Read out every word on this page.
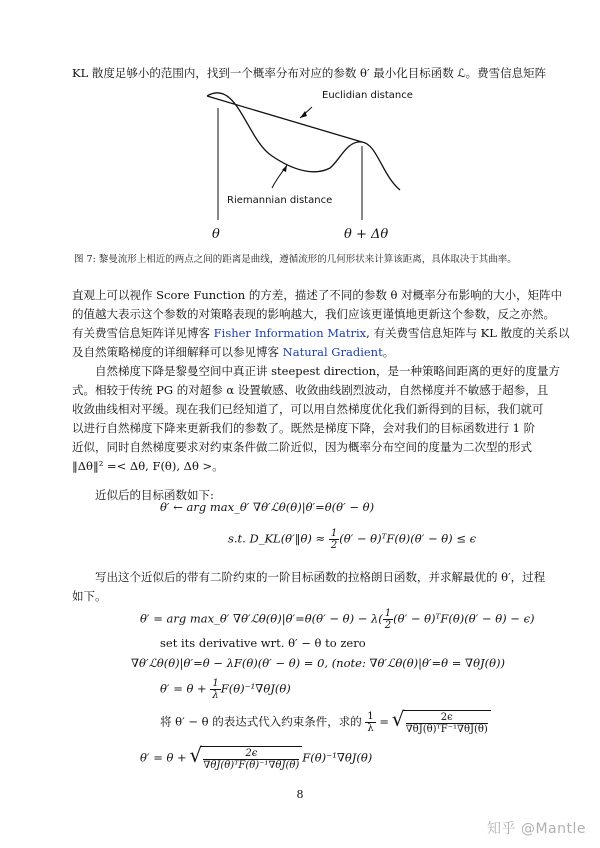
KL 散度足够小的范围内，找到一个概率分布对应的参数 θ′ 最小化目标函数 ℒ。费雪信息矩阵
Euclidian distance
Riemannian distance
θ	θ + Δθ
图 7: 黎曼流形上相近的两点之间的距离是曲线，遵循流形的几何形状来计算该距离，具体取决于其曲率。
直观上可以视作 Score Function 的方差，描述了不同的参数 θ 对概率分布影响的大小，矩阵中
的值越大表示这个参数的对策略表现的影响越大，我们应该更谨慎地更新这个参数，反之亦然。
有关费雪信息矩阵详见博客 Fisher Information Matrix, 有关费雪信息矩阵与 KL 散度的关系以
及自然策略梯度的详细解释可以参见博客 Natural Gradient。
自然梯度下降是黎曼空间中真正讲 steepest direction，是一种策略间距离的更好的度量方
式。相较于传统 PG 的对超参 α 设置敏感、收敛曲线剧烈波动，自然梯度并不敏感于超参，且
收敛曲线相对平缓。现在我们已经知道了，可以用自然梯度优化我们新得到的目标，我们就可
以进行自然梯度下降来更新我们的参数了。既然是梯度下降，会对我们的目标函数进行 1 阶
近似，同时自然梯度要求对约束条件做二阶近似，因为概率分布空间的度量为二次型的形式
‖Δθ‖² =< Δθ, F(θ), Δθ >。
近似后的目标函数如下:
θ′ ← arg max_θ′ ∇θ′ℒθ(θ)|θ′=θ(θ′ − θ)
s.t. D_KL(θ′‖θ) ≈ $\frac{1}{2} (\theta'$ − θ)ᵀF(θ)(θ′ − θ) ≤ ϵ
写出这个近似后的带有二阶约束的一阶目标函数的拉格朗日函数，并求解最优的 θ′，过程
如下。
θ′ = arg max_θ′ ∇θ′ℒθ(θ)|θ′=θ(θ′ − $\theta) - \lambda( \frac{1}{2} (\theta'$ − θ)ᵀF(θ)(θ′ − θ) − ϵ)
set its derivative wrt. θ′ − θ to zero
∇θ′ℒθ(θ)|θ′=θ − λF(θ)(θ′ − θ) = 0, (note: ∇θ′ℒθ(θ)|θ′=θ = ∇θJ(θ))
$\theta' = \theta + \frac{1}{\lambda} F(\theta)^{-1}\nabla\theta J(\theta)$
将 θ′ − θ 的表达式代入约束条件，求的 $\frac{1}{\lambda}$ = √ $\frac{2\epsilon}{\text{∇θJ(θ)ᵀF⁻¹∇θJ(θ)}}$
θ′ = θ + √ $\frac{2\epsilon}{\text{∇θJ(θ)ᵀF(θ)⁻¹∇θJ(θ)}} F(\theta)^{-1}\nabla\theta J(\theta)$
8
知乎 @Mantle
